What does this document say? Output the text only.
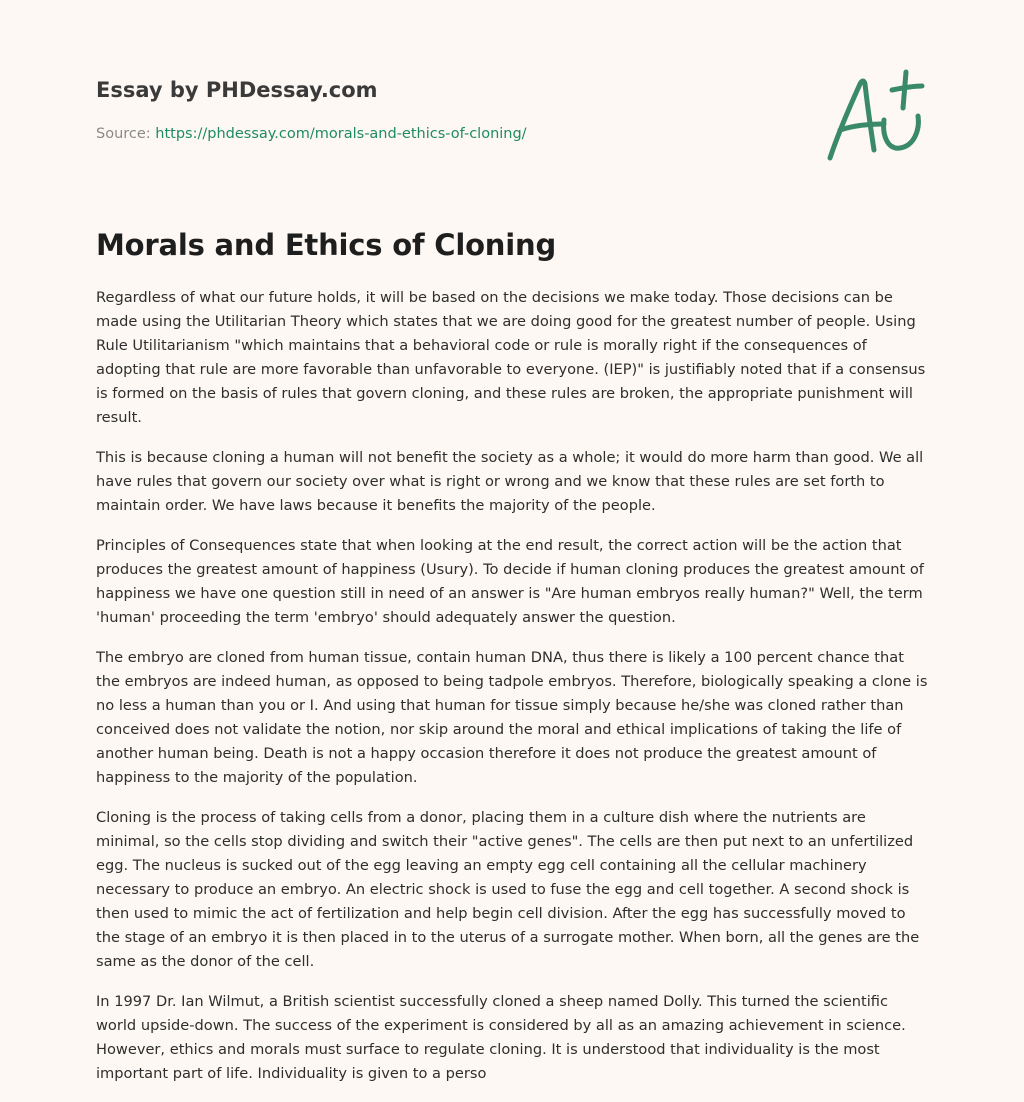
Essay by PHDessay.com
Source: https://phdessay.com/morals-and-ethics-of-cloning/
Morals and Ethics of Cloning

Regardless of what our future holds, it will be based on the decisions we make today. Those decisions can be made using the Utilitarian Theory which states that we are doing good for the greatest number of people. Using Rule Utilitarianism "which maintains that a behavioral code or rule is morally right if the consequences of adopting that rule are more favorable than unfavorable to everyone. (IEP)" is justifiably noted that if a consensus is formed on the basis of rules that govern cloning, and these rules are broken, the appropriate punishment will result.

This is because cloning a human will not benefit the society as a whole; it would do more harm than good. We all have rules that govern our society over what is right or wrong and we know that these rules are set forth to maintain order. We have laws because it benefits the majority of the people.

Principles of Consequences state that when looking at the end result, the correct action will be the action that produces the greatest amount of happiness (Usury). To decide if human cloning produces the greatest amount of happiness we have one question still in need of an answer is "Are human embryos really human?" Well, the term 'human' proceeding the term 'embryo' should adequately answer the question.

The embryo are cloned from human tissue, contain human DNA, thus there is likely a 100 percent chance that the embryos are indeed human, as opposed to being tadpole embryos. Therefore, biologically speaking a clone is no less a human than you or I. And using that human for tissue simply because he/she was cloned rather than conceived does not validate the notion, nor skip around the moral and ethical implications of taking the life of another human being. Death is not a happy occasion therefore it does not produce the greatest amount of happiness to the majority of the population.

Cloning is the process of taking cells from a donor, placing them in a culture dish where the nutrients are minimal, so the cells stop dividing and switch their "active genes". The cells are then put next to an unfertilized egg. The nucleus is sucked out of the egg leaving an empty egg cell containing all the cellular machinery necessary to produce an embryo. An electric shock is used to fuse the egg and cell together. A second shock is then used to mimic the act of fertilization and help begin cell division. After the egg has successfully moved to the stage of an embryo it is then placed in to the uterus of a surrogate mother. When born, all the genes are the same as the donor of the cell.

In 1997 Dr. Ian Wilmut, a British scientist successfully cloned a sheep named Dolly. This turned the scientific world upside-down. The success of the experiment is considered by all as an amazing achievement in science. However, ethics and morals must surface to regulate cloning. It is understood that individuality is the most important part of life. Individuality is given to a perso
